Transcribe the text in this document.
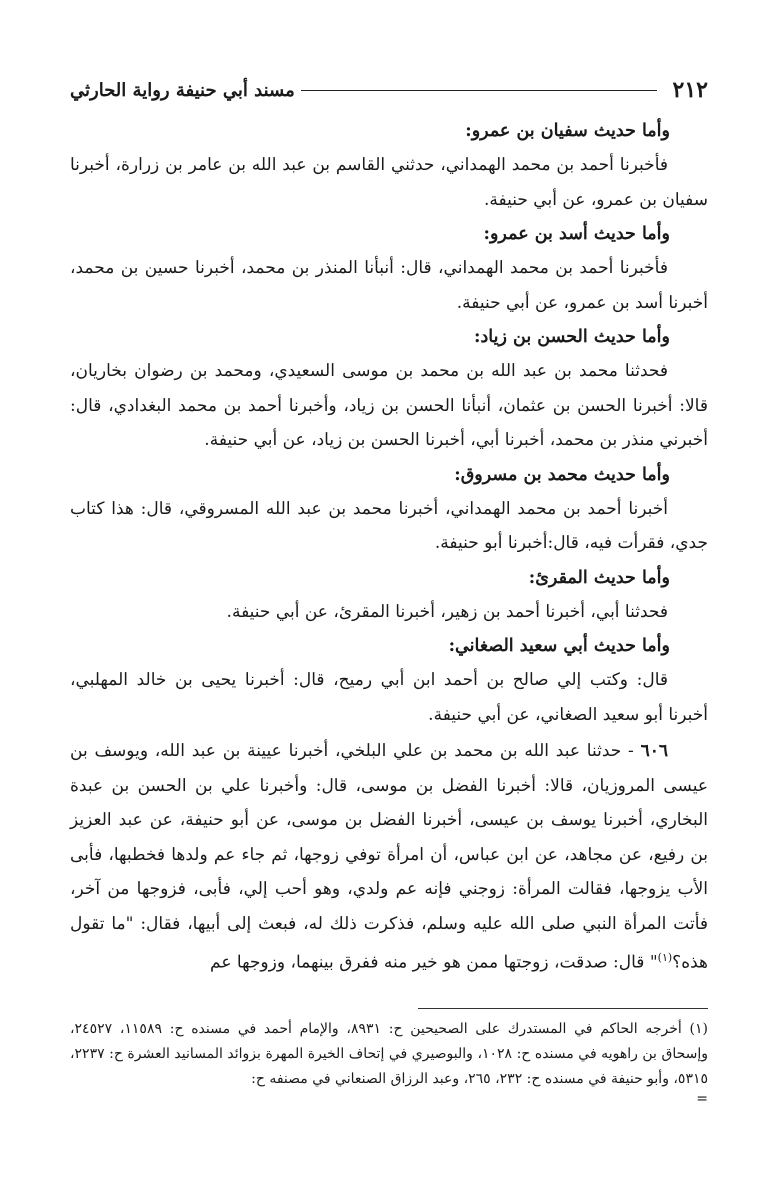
٢١٢
مسند أبي حنيفة رواية الحارثي
وأما حديث سفيان بن عمرو:
فأخبرنا أحمد بن محمد الهمداني، حدثني القاسم بن عبد الله بن عامر بن زرارة، أخبرنا سفيان بن عمرو، عن أبي حنيفة.
وأما حديث أسد بن عمرو:
فأخبرنا أحمد بن محمد الهمداني، قال: أنبأنا المنذر بن محمد، أخبرنا حسين بن محمد، أخبرنا أسد بن عمرو، عن أبي حنيفة.
وأما حديث الحسن بن زياد:
فحدثنا محمد بن عبد الله بن محمد بن موسى السعيدي، ومحمد بن رضوان بخاريان، قالا: أخبرنا الحسن بن عثمان، أنبأنا الحسن بن زياد، وأخبرنا أحمد بن محمد البغدادي، قال: أخبرني منذر بن محمد، أخبرنا أبي، أخبرنا الحسن بن زياد، عن أبي حنيفة.
وأما حديث محمد بن مسروق:
أخبرنا أحمد بن محمد الهمداني، أخبرنا محمد بن عبد الله المسروقي، قال: هذا كتاب جدي، فقرأت فيه، قال:أخبرنا أبو حنيفة.
وأما حديث المقرئ:
فحدثنا أبي، أخبرنا أحمد بن زهير، أخبرنا المقرئ، عن أبي حنيفة.
وأما حديث أبي سعيد الصغاني:
قال: وكتب إلي صالح بن أحمد ابن أبي رميح، قال: أخبرنا يحيى بن خالد المهلبي، أخبرنا أبو سعيد الصغاني، عن أبي حنيفة.
٦٠٦ - حدثنا عبد الله بن محمد بن علي البلخي، أخبرنا عيينة بن عبد الله، ويوسف بن عيسى المروزيان، قالا: أخبرنا الفضل بن موسى، قال: وأخبرنا علي بن الحسن بن عبدة البخاري، أخبرنا يوسف بن عيسى، أخبرنا الفضل بن موسى، عن أبو حنيفة، عن عبد العزيز بن رفيع، عن مجاهد، عن ابن عباس، أن امرأة توفي زوجها، ثم جاء عم ولدها فخطبها، فأبى الأب يزوجها، فقالت المرأة: زوجني فإنه عم ولدي، وهو أحب إلي، فأبى، فزوجها من آخر، فأتت المرأة النبي صلى الله عليه وسلم، فذكرت ذلك له، فبعث إلى أبيها، فقال: "ما تقول هذه؟$^{(١)}$" قال: صدقت، زوجتها ممن هو خير منه ففرق بينهما، وزوجها عم
(١) أخرجه الحاكم في المستدرك على الصحيحين ح: ٨٩٣١، والإمام أحمد في مسنده ح: ١١٥٨٩، ٢٤٥٢٧، وإسحاق بن راهويه في مسنده ح: ١٠٢٨، والبوصيري في إتحاف الخيرة المهرة بزوائد المسانيد العشرة ح: ٢٢٣٧، ٥٣١٥، وأبو حنيفة في مسنده ح: ٢٣٢، ٢٦٥، وعبد الرزاق الصنعاني في مصنفه ح:
=
